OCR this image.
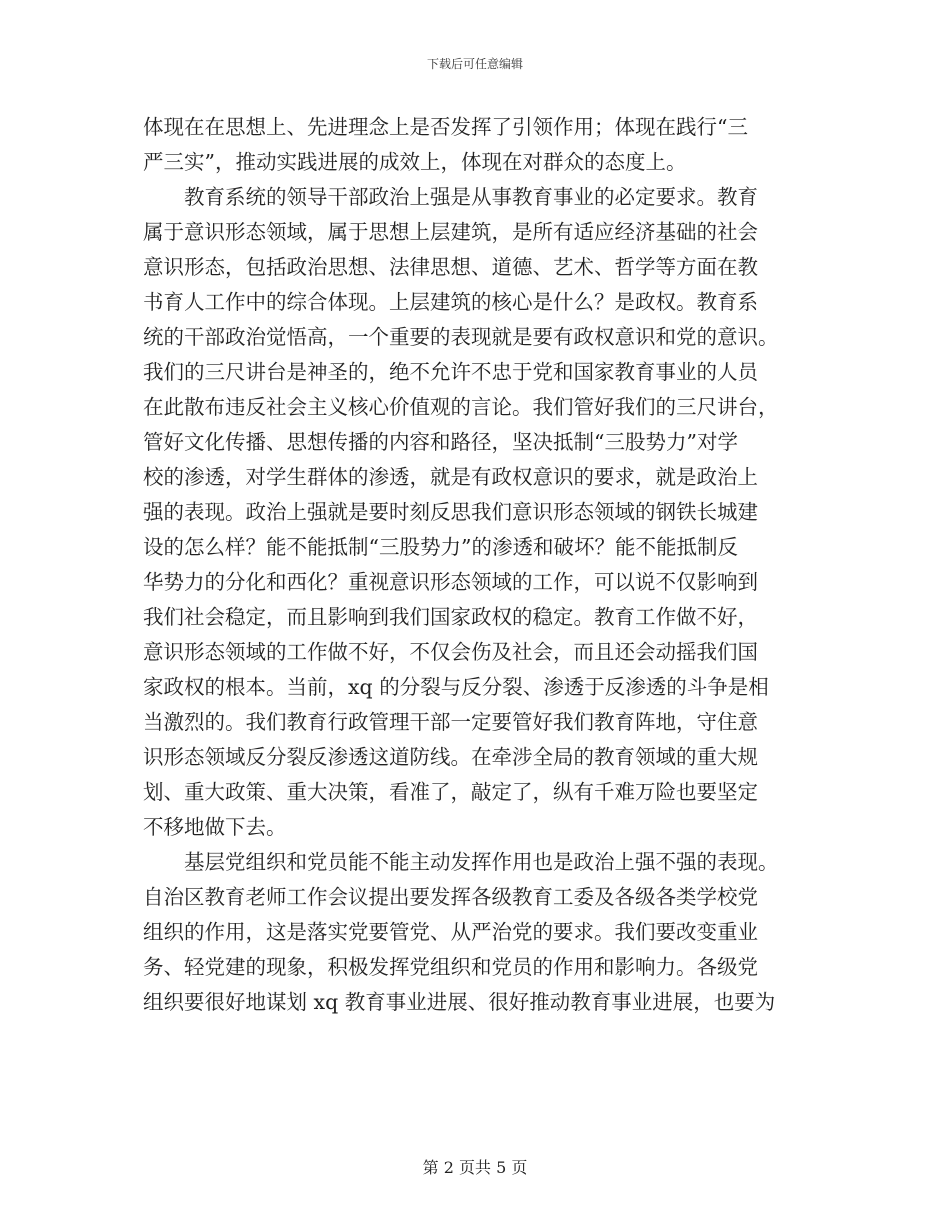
下载后可任意编辑
体现在在思想上、先进理念上是否发挥了引领作用；体现在践行“三
严三实”，推动实践进展的成效上，体现在对群众的态度上。
教育系统的领导干部政治上强是从事教育事业的必定要求。教育
属于意识形态领域，属于思想上层建筑，是所有适应经济基础的社会
意识形态，包括政治思想、法律思想、道德、艺术、哲学等方面在教
书育人工作中的综合体现。上层建筑的核心是什么？是政权。教育系
统的干部政治觉悟高，一个重要的表现就是要有政权意识和党的意识。
我们的三尺讲台是神圣的，绝不允许不忠于党和国家教育事业的人员
在此散布违反社会主义核心价值观的言论。我们管好我们的三尺讲台，
管好文化传播、思想传播的内容和路径，坚决抵制“三股势力”对学
校的渗透，对学生群体的渗透，就是有政权意识的要求，就是政治上
强的表现。政治上强就是要时刻反思我们意识形态领域的钢铁长城建
设的怎么样？能不能抵制“三股势力”的渗透和破坏？能不能抵制反
华势力的分化和西化？重视意识形态领域的工作，可以说不仅影响到
我们社会稳定，而且影响到我们国家政权的稳定。教育工作做不好，
意识形态领域的工作做不好，不仅会伤及社会，而且还会动摇我们国
家政权的根本。当前，xq 的分裂与反分裂、渗透于反渗透的斗争是相
当激烈的。我们教育行政管理干部一定要管好我们教育阵地，守住意
识形态领域反分裂反渗透这道防线。在牵涉全局的教育领域的重大规
划、重大政策、重大决策，看准了，敲定了，纵有千难万险也要坚定
不移地做下去。
基层党组织和党员能不能主动发挥作用也是政治上强不强的表现。
自治区教育老师工作会议提出要发挥各级教育工委及各级各类学校党
组织的作用，这是落实党要管党、从严治党的要求。我们要改变重业
务、轻党建的现象，积极发挥党组织和党员的作用和影响力。各级党
组织要很好地谋划 xq 教育事业进展、很好推动教育事业进展，也要为
第 2 页共 5 页
